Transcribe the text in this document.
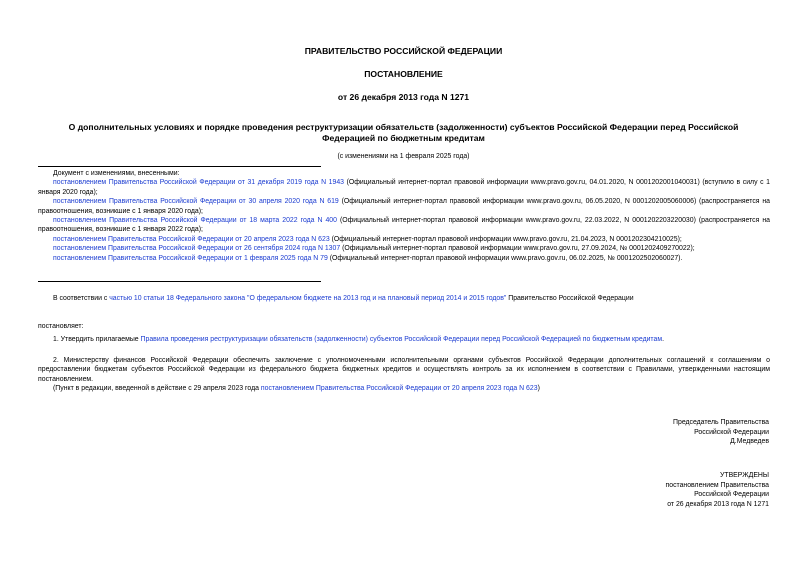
ПРАВИТЕЛЬСТВО РОССИЙСКОЙ ФЕДЕРАЦИИ
ПОСТАНОВЛЕНИЕ
от 26 декабря 2013 года N 1271
О дополнительных условиях и порядке проведения реструктуризации обязательств (задолженности) субъектов Российской Федерации перед Российской
Федерацией по бюджетным кредитам
(с изменениями на 1 февраля 2025 года)

Документ с изменениями, внесенными:

постановлением Правительства Российской Федерации от 31 декабря 2019 года N 1943 (Официальный интернет-портал правовой информации www.pravo.gov.ru, 04.01.2020, N 0001202001040031) (вступило в силу с 1 января 2020 года);

постановлением Правительства Российской Федерации от 30 апреля 2020 года N 619 (Официальный интернет-портал правовой информации www.pravo.gov.ru, 06.05.2020, N 0001202005060006) (распространяется на правоотношения, возникшие с 1 января 2020 года);

постановлением Правительства Российской Федерации от 18 марта 2022 года N 400 (Официальный интернет-портал правовой информации www.pravo.gov.ru, 22.03.2022, N 0001202203220030) (распространяется на правоотношения, возникшие с 1 января 2022 года);

постановлением Правительства Российской Федерации от 20 апреля 2023 года N 623 (Официальный интернет-портал правовой информации www.pravo.gov.ru, 21.04.2023, N 0001202304210025);

постановлением Правительства Российской Федерации от 26 сентября 2024 года N 1307 (Официальный интернет-портал правовой информации www.pravo.gov.ru, 27.09.2024, № 0001202409270022);

постановлением Правительства Российской Федерации от 1 февраля 2025 года N 79 (Официальный интернет-портал правовой информации www.pravo.gov.ru, 06.02.2025, № 0001202502060027).

В соответствии с частью 10 статьи 18 Федерального закона "О федеральном бюджете на 2013 год и на плановый период 2014 и 2015 годов" Правительство Российской Федерации

постановляет:

1. Утвердить прилагаемые Правила проведения реструктуризации обязательств (задолженности) субъектов Российской Федерации перед Российской Федерацией по бюджетным кредитам.

2. Министерству финансов Российской Федерации обеспечить заключение с уполномоченными исполнительными органами субъектов Российской Федерации дополнительных соглашений к соглашениям о предоставлении бюджетам субъектов Российской Федерации из федерального бюджета бюджетных кредитов и осуществлять контроль за их исполнением в соответствии с Правилами, утвержденными настоящим постановлением.

(Пункт в редакции, введенной в действие с 29 апреля 2023 года постановлением Правительства Российской Федерации от 20 апреля 2023 года N 623)

Председатель Правительства
Российской Федерации
Д.Медведев
УТВЕРЖДЕНЫ
постановлением Правительства
Российской Федерации
от 26 декабря 2013 года N 1271
